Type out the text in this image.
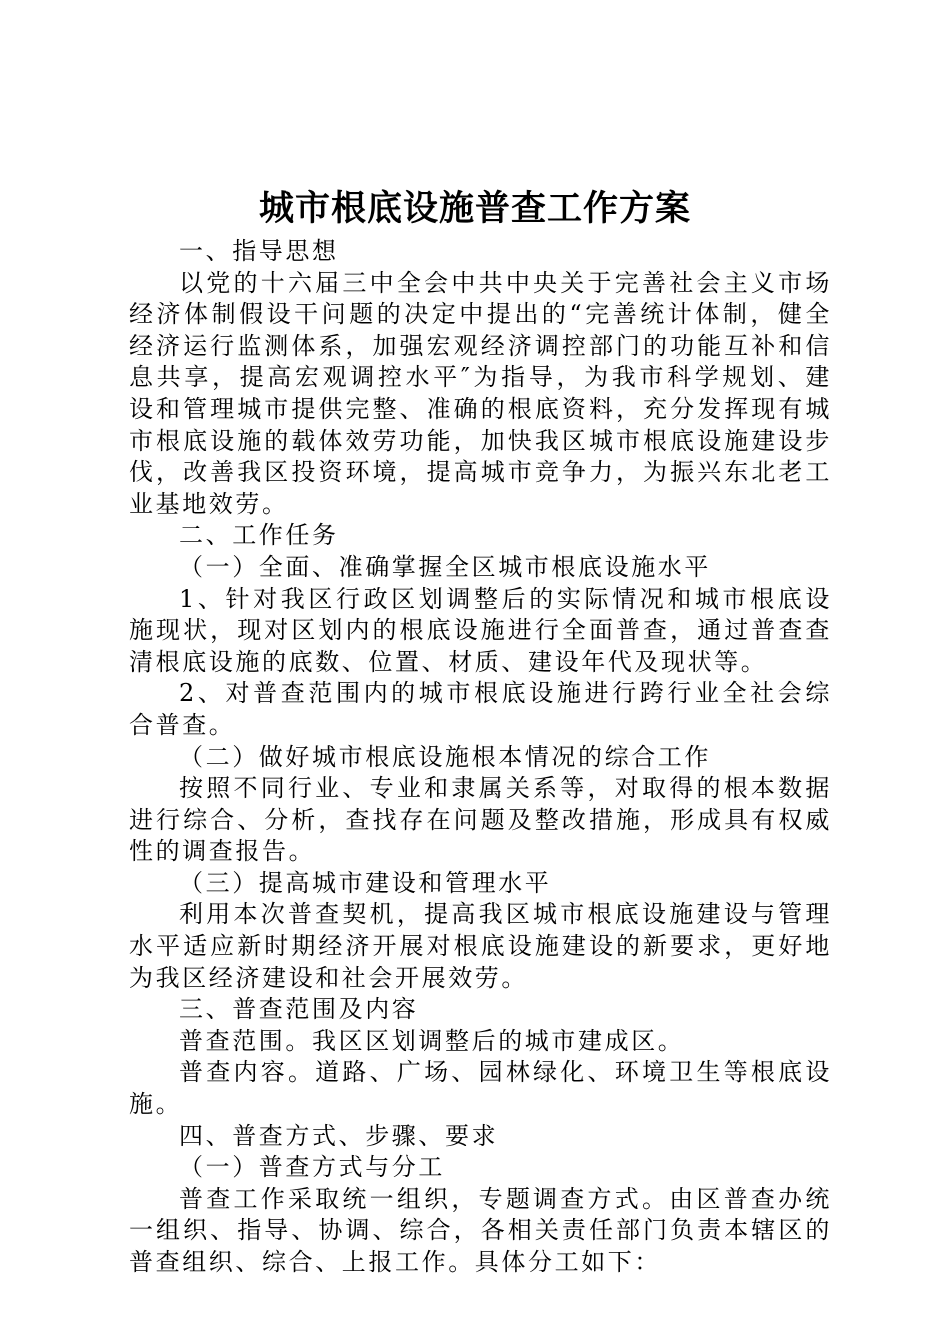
城市根底设施普查工作方案

一、指导思想

以党的十六届三中全会中共中央关于完善社会主义市场经济体制假设干问题的决定中提出的“完善统计体制，健全经济运行监测体系，加强宏观经济调控部门的功能互补和信息共享，提高宏观调控水平″为指导，为我市科学规划、建设和管理城市提供完整、准确的根底资料，充分发挥现有城市根底设施的载体效劳功能，加快我区城市根底设施建设步伐，改善我区投资环境，提高城市竞争力，为振兴东北老工业基地效劳。

二、工作任务

（一）全面、准确掌握全区城市根底设施水平

1、针对我区行政区划调整后的实际情况和城市根底设施现状，现对区划内的根底设施进行全面普查，通过普查查清根底设施的底数、位置、材质、建设年代及现状等。

2、对普查范围内的城市根底设施进行跨行业全社会综合普查。

（二）做好城市根底设施根本情况的综合工作

按照不同行业、专业和隶属关系等，对取得的根本数据进行综合、分析，查找存在问题及整改措施，形成具有权威性的调查报告。

（三）提高城市建设和管理水平

利用本次普查契机，提高我区城市根底设施建设与管理水平适应新时期经济开展对根底设施建设的新要求，更好地为我区经济建设和社会开展效劳。

三、普查范围及内容

普查范围。我区区划调整后的城市建成区。

普查内容。道路、广场、园林绿化、环境卫生等根底设施。

四、普查方式、步骤、要求

（一）普查方式与分工

普查工作采取统一组织，专题调查方式。由区普查办统一组织、指导、协调、综合，各相关责任部门负责本辖区的普查组织、综合、上报工作。具体分工如下：
